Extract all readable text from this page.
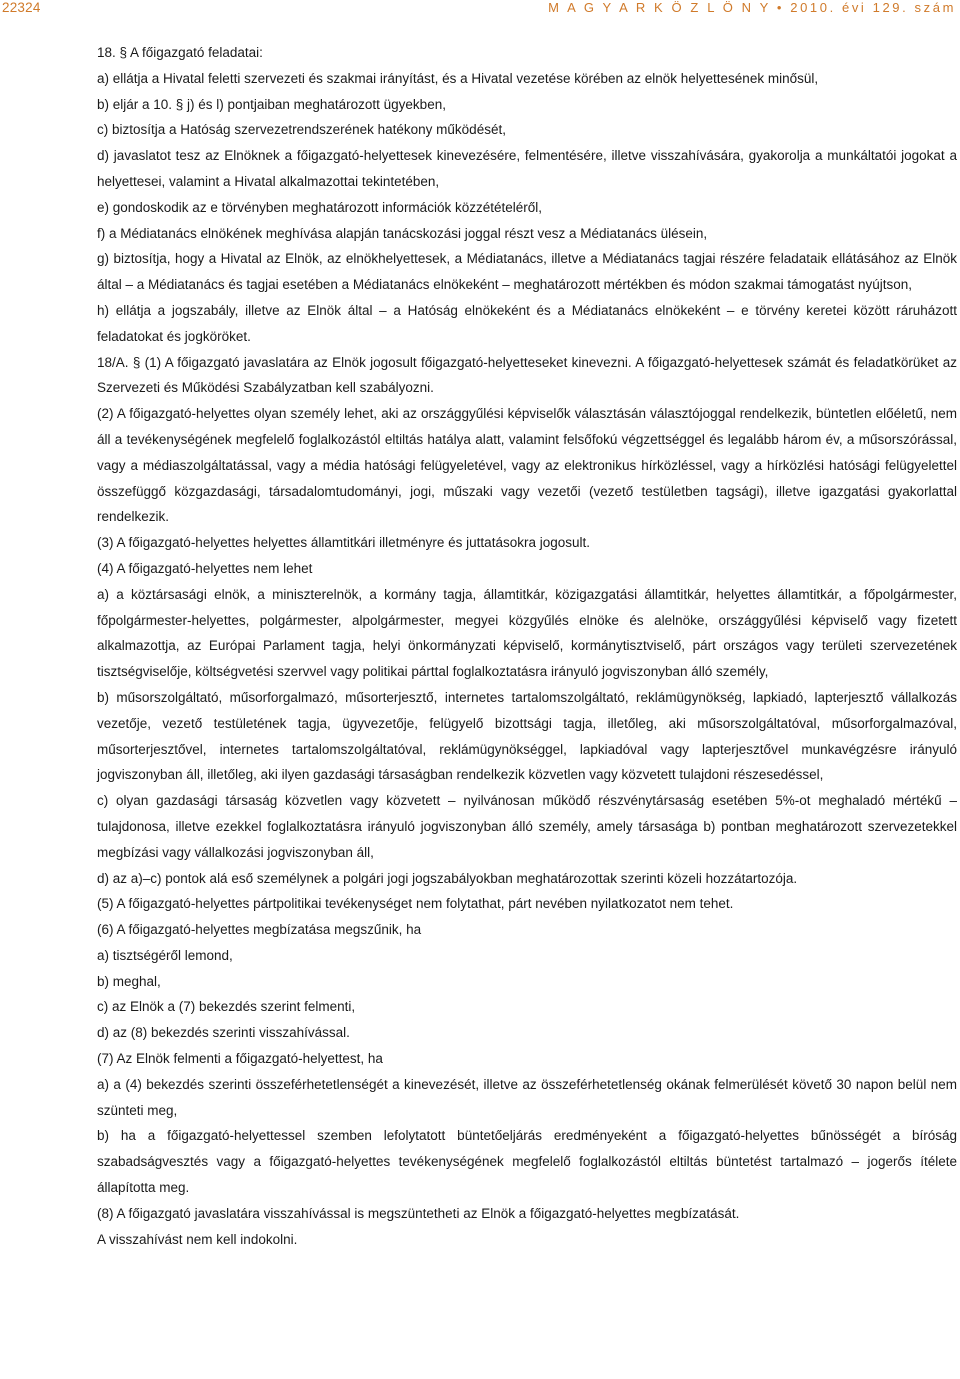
22324	M A G Y A R K Ö Z L Ö N Y • 2010. évi 129. szám

18. § A főigazgató feladatai:

a) ellátja a Hivatal feletti szervezeti és szakmai irányítást, és a Hivatal vezetése körében az elnök helyettesének minősül,

b) eljár a 10. § j) és l) pontjaiban meghatározott ügyekben,

c) biztosítja a Hatóság szervezetrendszerének hatékony működését,

d) javaslatot tesz az Elnöknek a főigazgató-helyettesek kinevezésére, felmentésére, illetve visszahívására, gyakorolja a munkáltatói jogokat a helyettesei, valamint a Hivatal alkalmazottai tekintetében,

e) gondoskodik az e törvényben meghatározott információk közzétételéről,

f) a Médiatanács elnökének meghívása alapján tanácskozási joggal részt vesz a Médiatanács ülésein,

g) biztosítja, hogy a Hivatal az Elnök, az elnökhelyettesek, a Médiatanács, illetve a Médiatanács tagjai részére feladataik ellátásához az Elnök által – a Médiatanács és tagjai esetében a Médiatanács elnökeként – meghatározott mértékben és módon szakmai támogatást nyújtson,

h) ellátja a jogszabály, illetve az Elnök által – a Hatóság elnökeként és a Médiatanács elnökeként – e törvény keretei között ráruházott feladatokat és jogköröket.

18/A. § (1) A főigazgató javaslatára az Elnök jogosult főigazgató-helyetteseket kinevezni. A főigazgató-helyettesek számát és feladatkörüket az Szervezeti és Működési Szabályzatban kell szabályozni.

(2) A főigazgató-helyettes olyan személy lehet, aki az országgyűlési képviselők választásán választójoggal rendelkezik, büntetlen előéletű, nem áll a tevékenységének megfelelő foglalkozástól eltiltás hatálya alatt, valamint felsőfokú végzettséggel és legalább három év, a műsorszórással, vagy a médiaszolgáltatással, vagy a média hatósági felügyeletével, vagy az elektronikus hírközléssel, vagy a hírközlési hatósági felügyelettel összefüggő közgazdasági, társadalomtudományi, jogi, műszaki vagy vezetői (vezető testületben tagsági), illetve igazgatási gyakorlattal rendelkezik.

(3) A főigazgató-helyettes helyettes államtitkári illetményre és juttatásokra jogosult.

(4) A főigazgató-helyettes nem lehet

a) a köztársasági elnök, a miniszterelnök, a kormány tagja, államtitkár, közigazgatási államtitkár, helyettes államtitkár, a főpolgármester, főpolgármester-helyettes, polgármester, alpolgármester, megyei közgyűlés elnöke és alelnöke, országgyűlési képviselő vagy fizetett alkalmazottja, az Európai Parlament tagja, helyi önkormányzati képviselő, kormánytisztviselő, párt országos vagy területi szervezetének tisztségviselője, költségvetési szervvel vagy politikai párttal foglalkoztatásra irányuló jogviszonyban álló személy,

b) műsorszolgáltató, műsorforgalmazó, műsorterjesztő, internetes tartalomszolgáltató, reklámügynökség, lapkiadó, lapterjesztő vállalkozás vezetője, vezető testületének tagja, ügyvezetője, felügyelő bizottsági tagja, illetőleg, aki műsorszolgáltatóval, műsorforgalmazóval, műsorterjesztővel, internetes tartalomszolgáltatóval, reklámügynökséggel, lapkiadóval vagy lapterjesztővel munkavégzésre irányuló jogviszonyban áll, illetőleg, aki ilyen gazdasági társaságban rendelkezik közvetlen vagy közvetett tulajdoni részesedéssel,

c) olyan gazdasági társaság közvetlen vagy közvetett – nyilvánosan működő részvénytársaság esetében 5%-ot meghaladó mértékű – tulajdonosa, illetve ezekkel foglalkoztatásra irányuló jogviszonyban álló személy, amely társasága b) pontban meghatározott szervezetekkel megbízási vagy vállalkozási jogviszonyban áll,

d) az a)–c) pontok alá eső személynek a polgári jogi jogszabályokban meghatározottak szerinti közeli hozzátartozója.

(5) A főigazgató-helyettes pártpolitikai tevékenységet nem folytathat, párt nevében nyilatkozatot nem tehet.

(6) A főigazgató-helyettes megbízatása megszűnik, ha

a) tisztségéről lemond,

b) meghal,

c) az Elnök a (7) bekezdés szerint felmenti,

d) az (8) bekezdés szerinti visszahívással.

(7) Az Elnök felmenti a főigazgató-helyettest, ha

a) a (4) bekezdés szerinti összeférhetetlenségét a kinevezését, illetve az összeférhetetlenség okának felmerülését követő 30 napon belül nem szünteti meg,

b) ha a főigazgató-helyettessel szemben lefolytatott büntetőeljárás eredményeként a főigazgató-helyettes bűnösségét a bíróság szabadságvesztés vagy a főigazgató-helyettes tevékenységének megfelelő foglalkozástól eltiltás büntetést tartalmazó – jogerős ítélete állapította meg.

(8) A főigazgató javaslatára visszahívással is megszüntetheti az Elnök a főigazgató-helyettes megbízatását.

A visszahívást nem kell indokolni.
